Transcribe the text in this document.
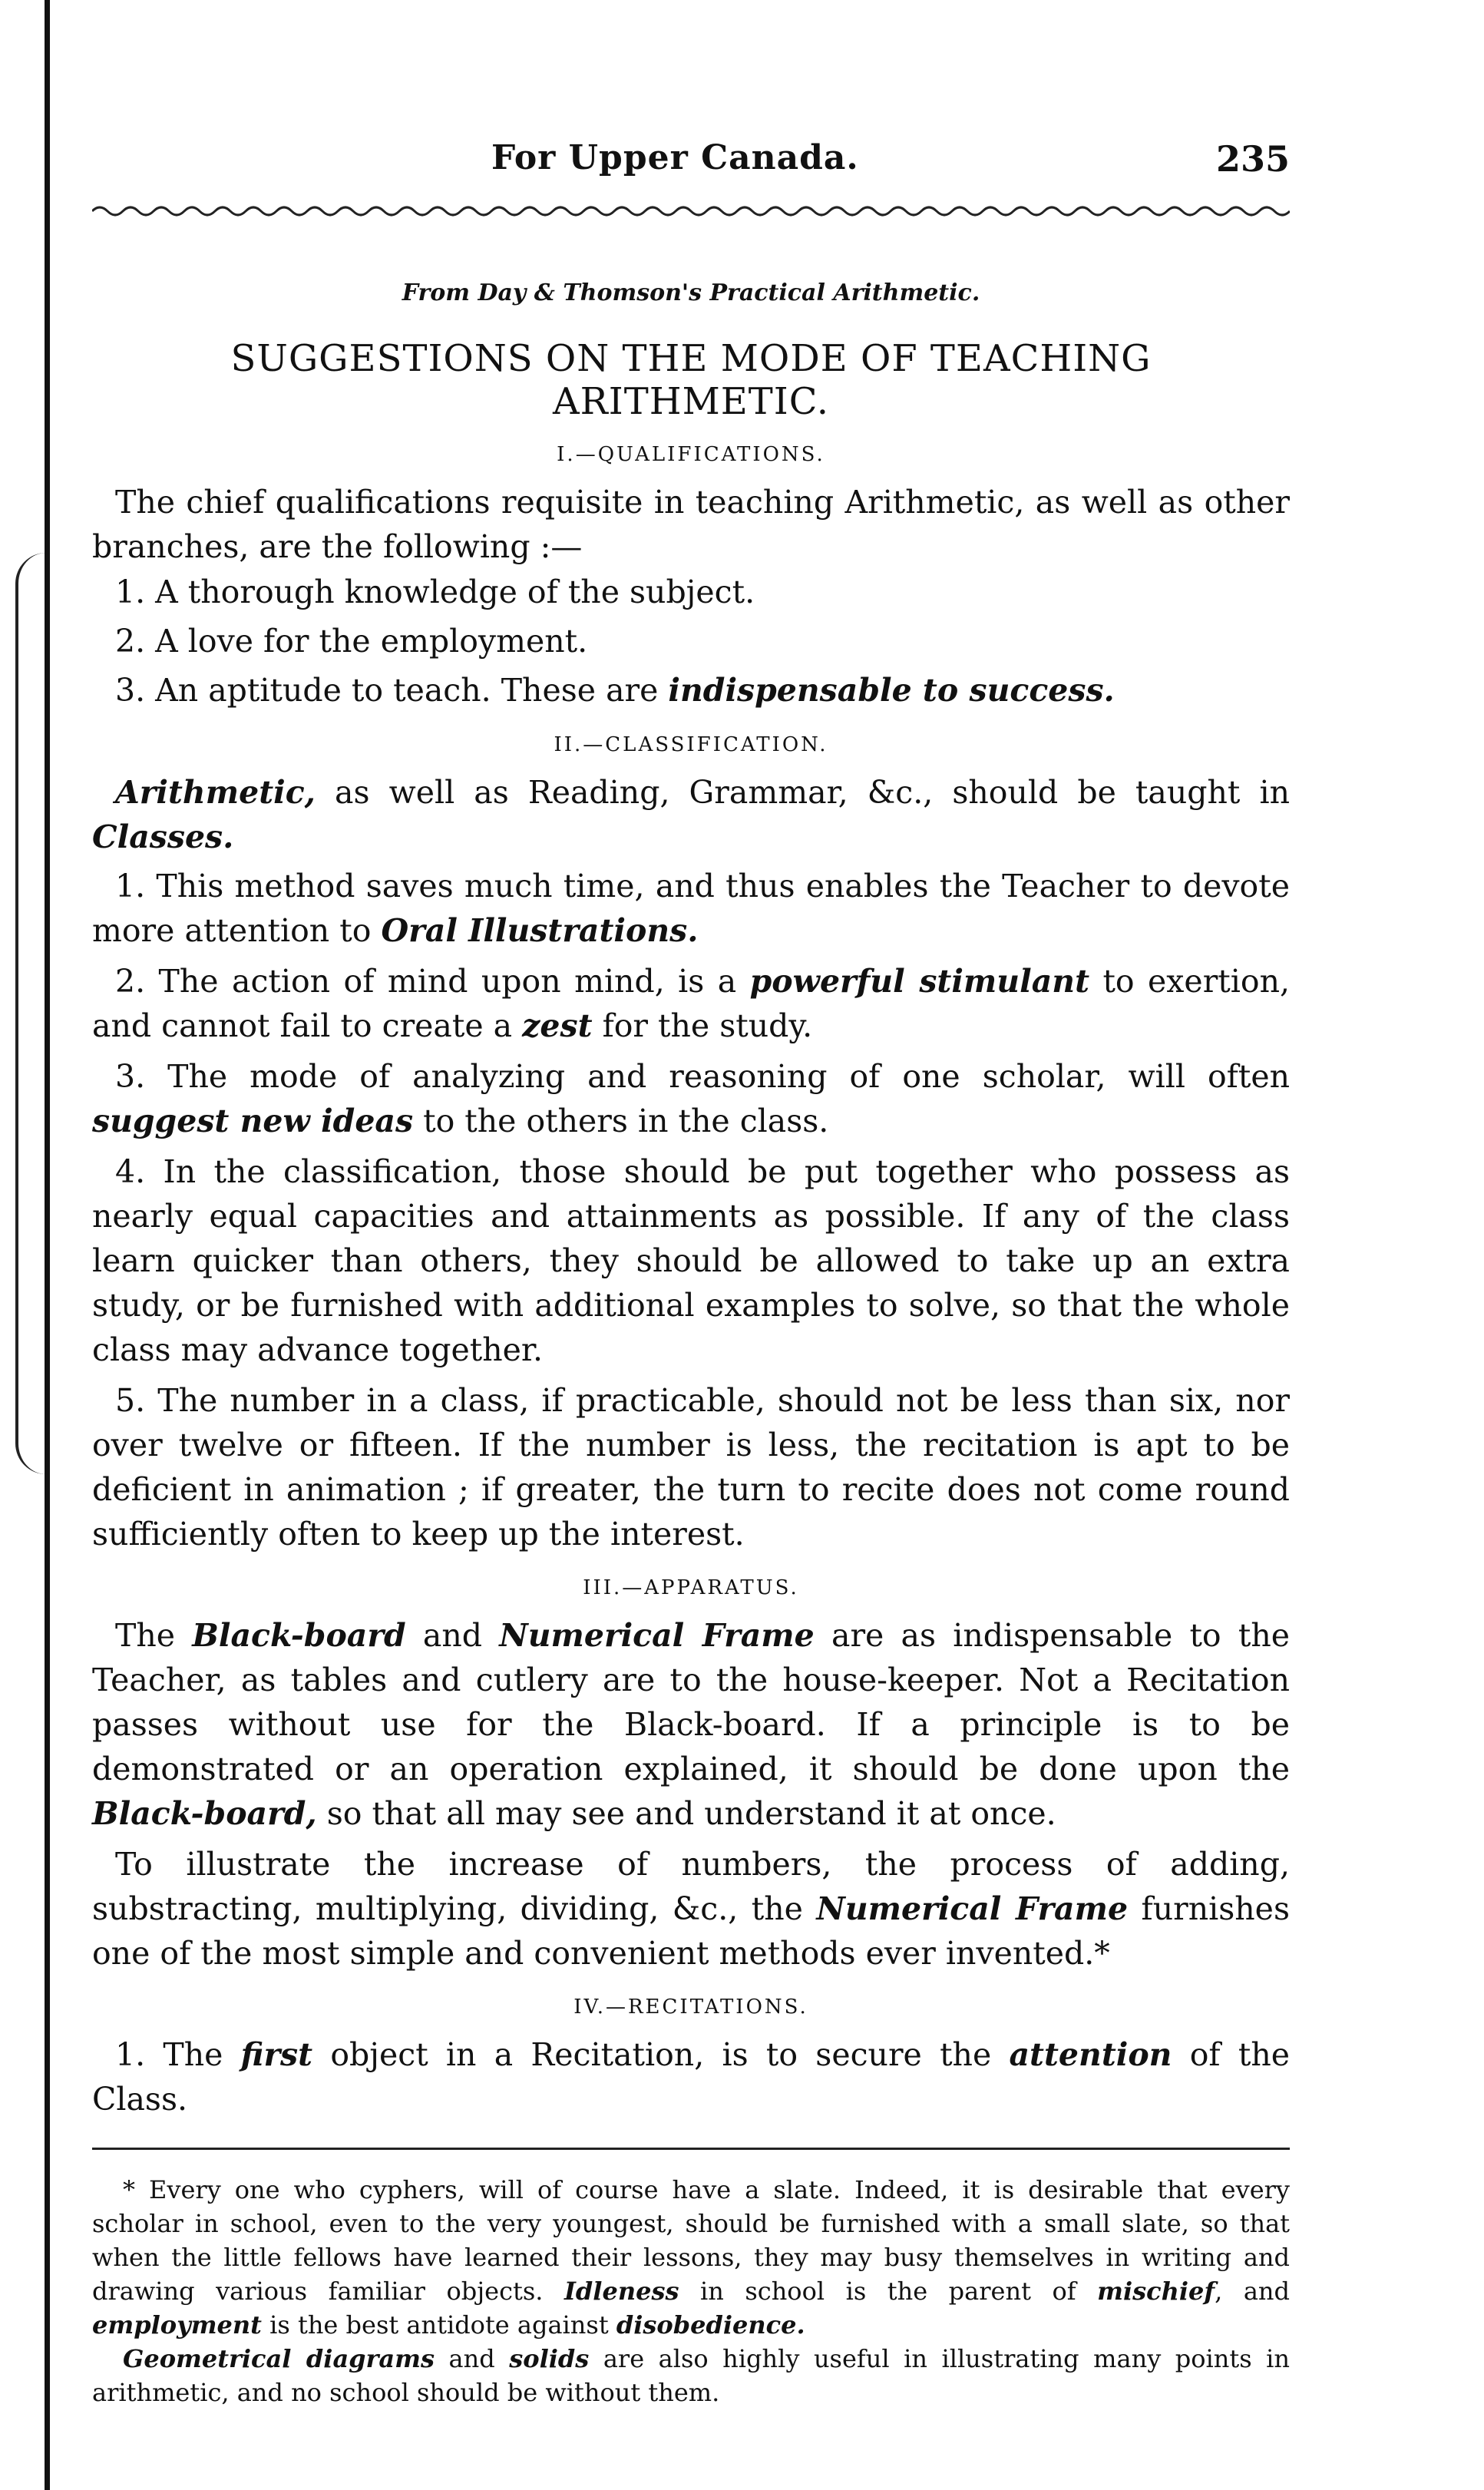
For Upper Canada.	235
From Day & Thomson's Practical Arithmetic.
SUGGESTIONS ON THE MODE OF TEACHING ARITHMETIC.
I.—QUALIFICATIONS.

The chief qualifications requisite in teaching Arithmetic, as well as other branches, are the following :—

1. A thorough knowledge of the subject.
2. A love for the employment.
3. An aptitude to teach. These are indispensable to success.
II.—CLASSIFICATION.

Arithmetic, as well as Reading, Grammar, &c., should be taught in Classes.

1. This method saves much time, and thus enables the Teacher to devote more attention to Oral Illustrations.

2. The action of mind upon mind, is a powerful stimulant to exertion, and cannot fail to create a zest for the study.

3. The mode of analyzing and reasoning of one scholar, will often suggest new ideas to the others in the class.

4. In the classification, those should be put together who possess as nearly equal capacities and attainments as possible. If any of the class learn quicker than others, they should be allowed to take up an extra study, or be furnished with additional examples to solve, so that the whole class may advance together.

5. The number in a class, if practicable, should not be less than six, nor over twelve or fifteen. If the number is less, the recitation is apt to be deficient in animation ; if greater, the turn to recite does not come round sufficiently often to keep up the interest.

III.—APPARATUS.

The Black-board and Numerical Frame are as indispensable to the Teacher, as tables and cutlery are to the house-keeper. Not a Recitation passes without use for the Black-board. If a principle is to be demonstrated or an operation explained, it should be done upon the Black-board, so that all may see and understand it at once.

To illustrate the increase of numbers, the process of adding, substracting, multiplying, dividing, &c., the Numerical Frame furnishes one of the most simple and convenient methods ever invented.*

IV.—RECITATIONS.

1. The first object in a Recitation, is to secure the attention of the Class.

* Every one who cyphers, will of course have a slate. Indeed, it is desirable that every scholar in school, even to the very youngest, should be furnished with a small slate, so that when the little fellows have learned their lessons, they may busy themselves in writing and drawing various familiar objects. Idleness in school is the parent of mischief, and employment is the best antidote against disobedience.

Geometrical diagrams and solids are also highly useful in illustrating many points in arithmetic, and no school should be without them.
